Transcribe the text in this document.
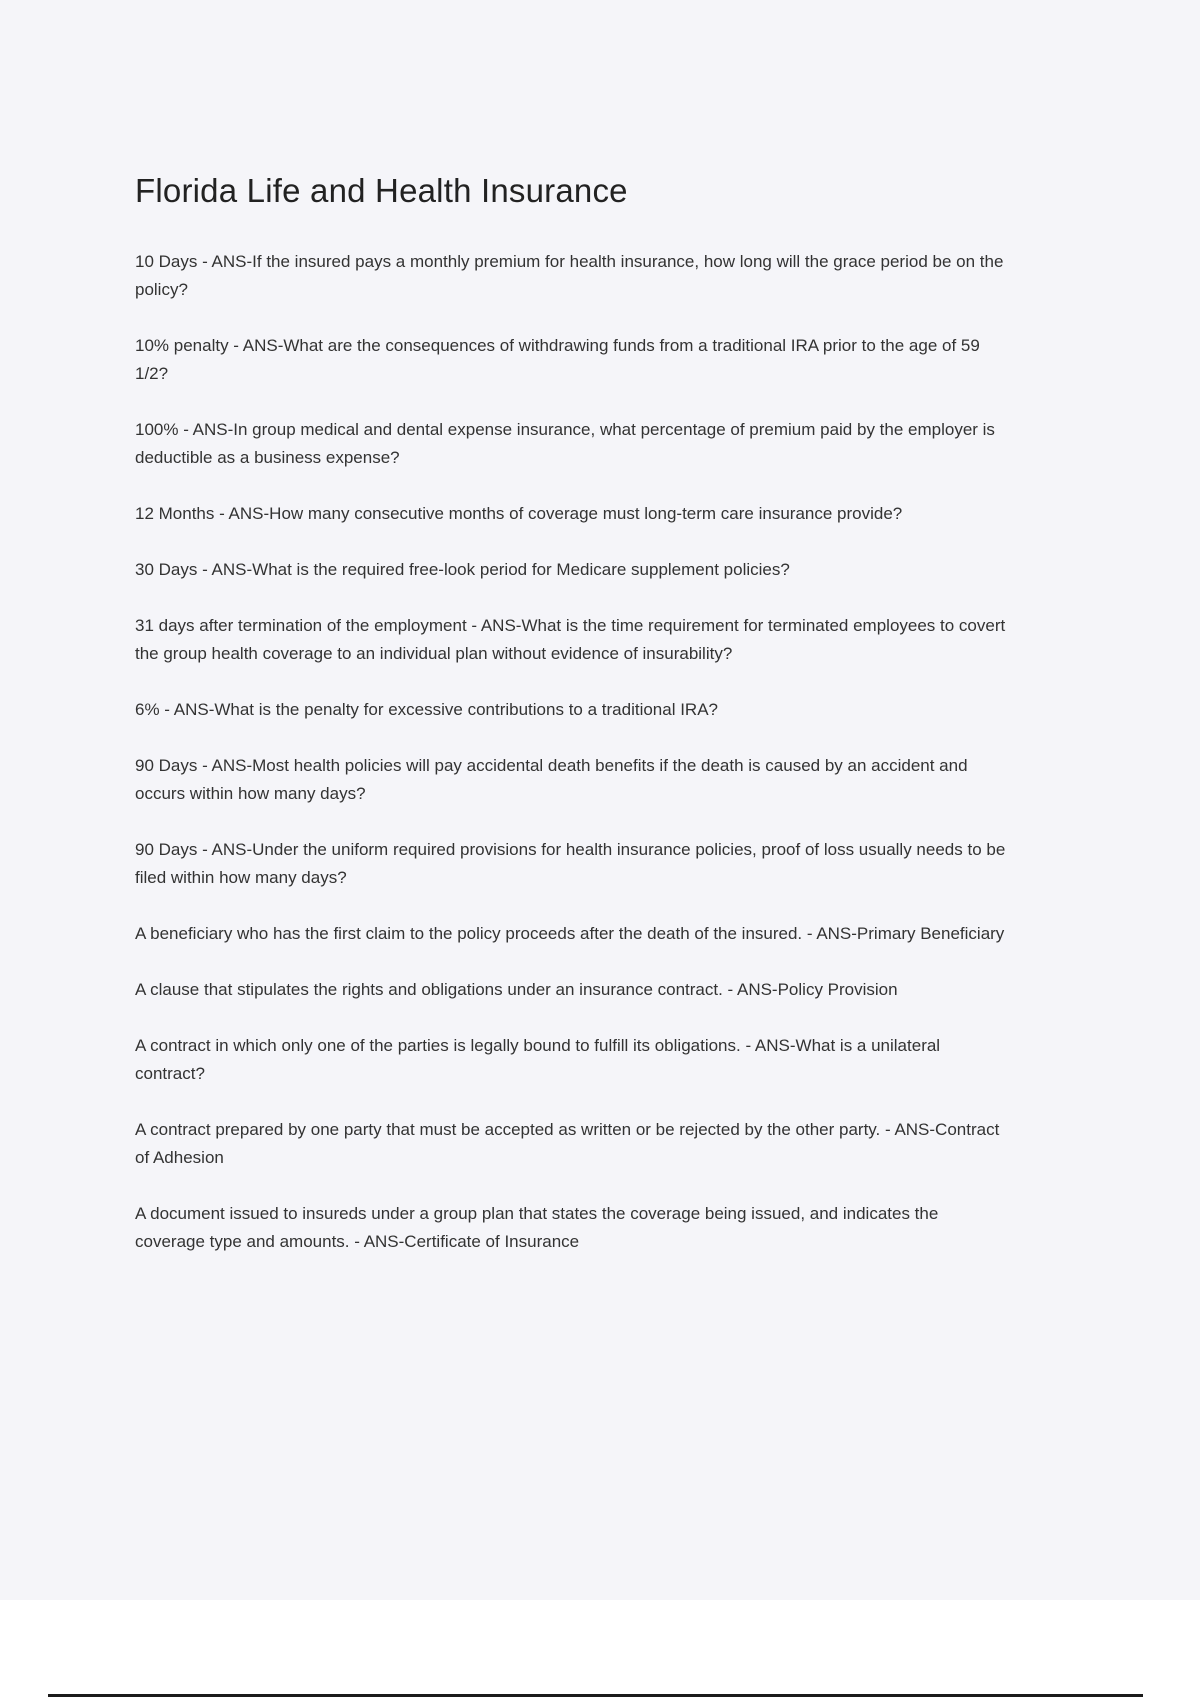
Florida Life and Health Insurance

10 Days - ANS-If the insured pays a monthly premium for health insurance, how long will the grace period be on the policy?

10% penalty - ANS-What are the consequences of withdrawing funds from a traditional IRA prior to the age of 59 1/2?

100% - ANS-In group medical and dental expense insurance, what percentage of premium paid by the employer is deductible as a business expense?

12 Months - ANS-How many consecutive months of coverage must long-term care insurance provide?

30 Days - ANS-What is the required free-look period for Medicare supplement policies?

31 days after termination of the employment - ANS-What is the time requirement for terminated employees to covert the group health coverage to an individual plan without evidence of insurability?

6% - ANS-What is the penalty for excessive contributions to a traditional IRA?

90 Days - ANS-Most health policies will pay accidental death benefits if the death is caused by an accident and occurs within how many days?

90 Days - ANS-Under the uniform required provisions for health insurance policies, proof of loss usually needs to be filed within how many days?

A beneficiary who has the first claim to the policy proceeds after the death of the insured. - ANS-Primary Beneficiary

A clause that stipulates the rights and obligations under an insurance contract. - ANS-Policy Provision

A contract in which only one of the parties is legally bound to fulfill its obligations. - ANS-What is a unilateral contract?

A contract prepared by one party that must be accepted as written or be rejected by the other party. - ANS-Contract of Adhesion

A document issued to insureds under a group plan that states the coverage being issued, and indicates the coverage type and amounts. - ANS-Certificate of Insurance
